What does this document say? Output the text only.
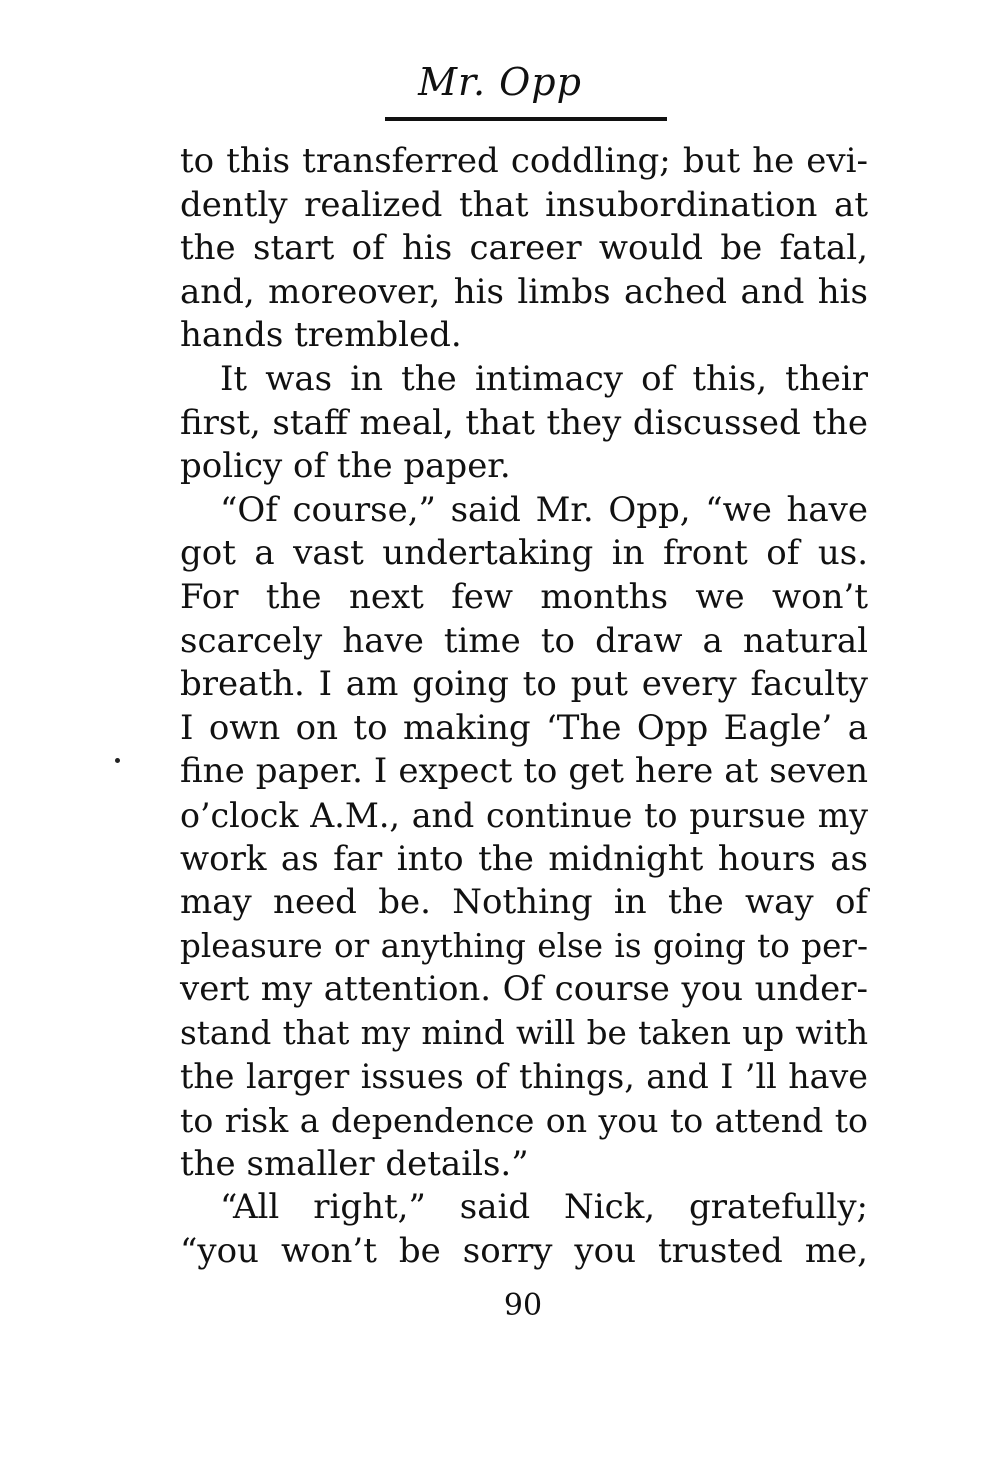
Mr. Opp
to this transferred coddling; but he evi-
dently realized that insubordination at
the start of his career would be fatal,
and, moreover, his limbs ached and his
hands trembled.
It was in the intimacy of this, their
first, staff meal, that they discussed the
policy of the paper.
“Of course,” said Mr. Opp, “we have
got a vast undertaking in front of us.
For the next few months we won’t
scarcely have time to draw a natural
breath. I am going to put every faculty
I own on to making ‘The Opp Eagle’ a
fine paper. I expect to get here at seven
o’clock A.M., and continue to pursue my
work as far into the midnight hours as
may need be. Nothing in the way of
pleasure or anything else is going to per-
vert my attention. Of course you under-
stand that my mind will be taken up with
the larger issues of things, and I ’ll have
to risk a dependence on you to attend to
the smaller details.”
“All right,” said Nick, gratefully;
“you won’t be sorry you trusted me,
90
